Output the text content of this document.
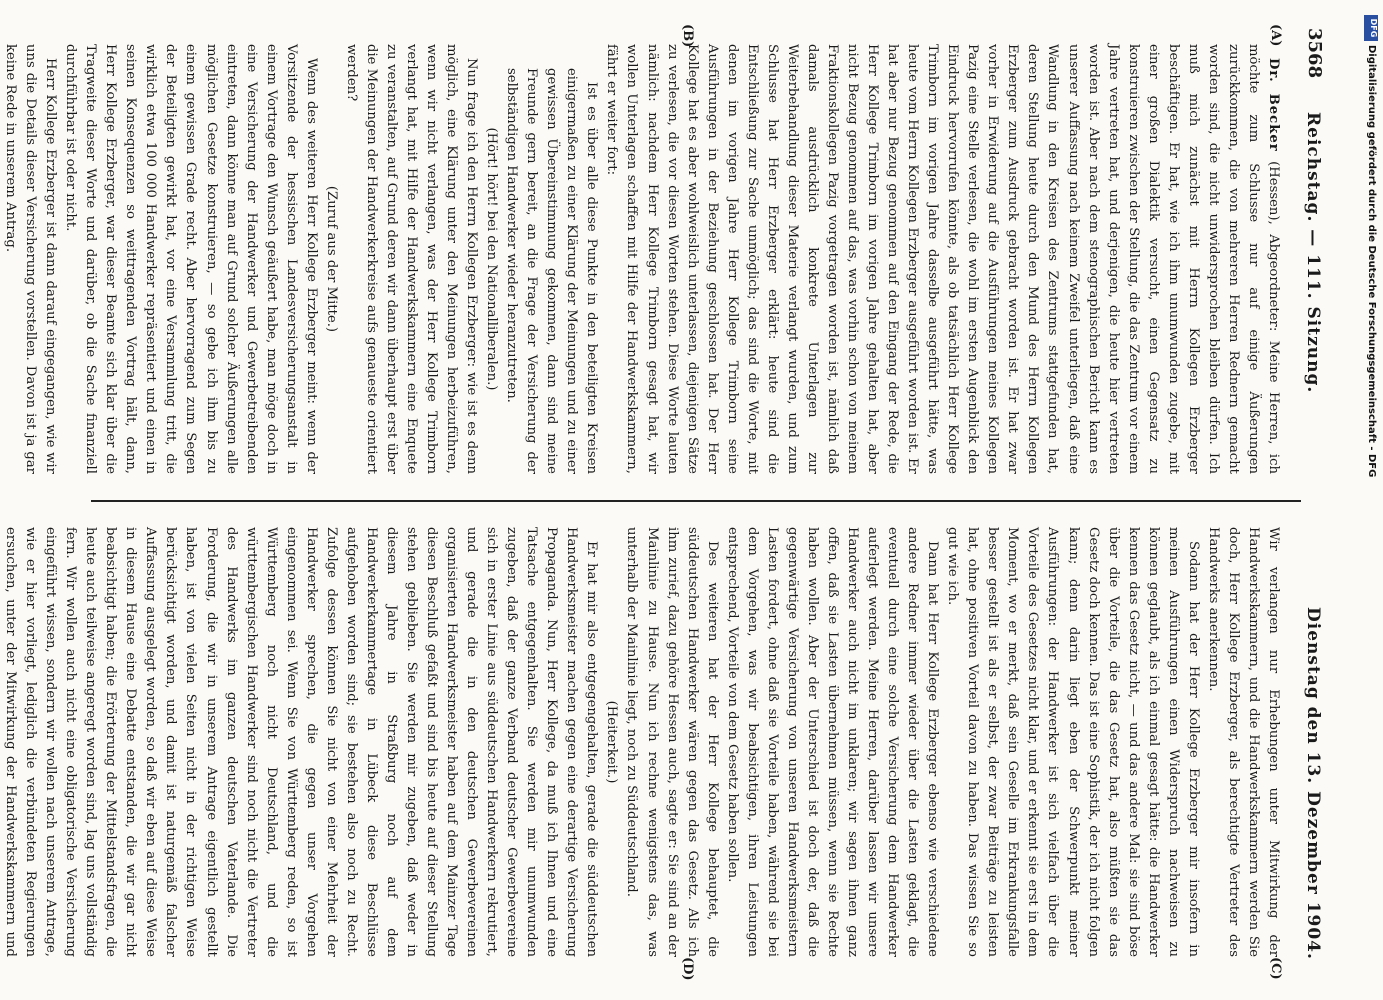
3568
Reichstag. — 111. Sitzung.
Dienstag den 13. Dezember 1904.
(A)
(B)
(C)
(D)

Dr. Becker (Hessen), Abgeordneter: Meine Herren, ich möchte zum Schlusse nur auf einige Äußerungen zurückkommen, die von mehreren Herren Rednern gemacht worden sind, die nicht unwidersprochen bleiben dürfen. Ich muß mich zunächst mit Herrn Kollegen Erzberger beschäftigen. Er hat, wie ich ihm unumwunden zugebe, mit einer großen Dialektik versucht, einen Gegensatz zu konstruieren zwischen der Stellung, die das Zentrum vor einem Jahre vertreten hat, und derjenigen, die heute hier vertreten worden ist. Aber nach dem stenographischen Bericht kann es unserer Auffassung nach keinem Zweifel unterliegen, daß eine Wandlung in den Kreisen des Zentrums stattgefunden hat, deren Stellung heute durch den Mund des Herrn Kollegen Erzberger zum Ausdruck gebracht worden ist. Er hat zwar vorher in Erwiderung auf die Ausführungen meines Kollegen Pazig eine Stelle verlesen, die wohl im ersten Augenblick den Eindruck hervorrufen könnte, als ob tatsächlich Herr Kollege Trimborn im vorigen Jahre dasselbe ausgeführt hätte, was heute vom Herrn Kollegen Erzberger ausgeführt worden ist. Er hat aber nur Bezug genommen auf den Eingang der Rede, die Herr Kollege Trimborn im vorigen Jahre gehalten hat, aber nicht Bezug genommen auf das, was vorhin schon von meinem Fraktionskollegen Pazig vorgetragen worden ist, nämlich daß damals ausdrücklich konkrete Unterlagen zur Weiterbehandlung dieser Materie verlangt wurden, und zum Schlusse hat Herr Erzberger erklärt: heute sind die Entschließung zur Sache unmöglich; das sind die Worte, mit denen im vorigen Jahre Herr Kollege Trimborn seine Ausführungen in der Beziehung geschlossen hat. Der Herr Kollege hat es aber wohlweislich unterlassen, diejenigen Sätze zu verlesen, die vor diesen Worten stehen. Diese Worte lauten nämlich: nachdem Herr Kollege Trimborn gesagt hat, wir wollen Unterlagen schaffen mit Hilfe der Handwerkskammern, fährt er weiter fort:

Ist es über alle diese Punkte in den beteiligten Kreisen einigermaßen zu einer Klärung der Meinungen und zu einer gewissen Übereinstimmung gekommen, dann sind meine Freunde gern bereit, an die Frage der Versicherung der selbständigen Handwerker wieder heranzutreten.

(Hört! hört! bei den Nationalliberalen.)

Nun frage ich den Herrn Kollegen Erzberger: wie ist es denn möglich, eine Klärung unter den Meinungen herbeizuführen, wenn wir nicht verlangen, was der Herr Kollege Trimborn verlangt hat, mit Hilfe der Handwerkskammern eine Enquete zu veranstalten, auf Grund deren wir dann überhaupt erst über die Meinungen der Handwerkerkreise aufs genaueste orientiert werden?

(Zuruf aus der Mitte.)

Wenn des weiteren Herr Kollege Erzberger meint: wenn der Vorsitzende der hessischen Landesversicherungsanstalt in einem Vortrage den Wunsch geäußert habe, man möge doch in eine Versicherung der Handwerker und Gewerbetreibenden eintreten, dann könne man auf Grund solcher Äußerungen alle möglichen Gesetze konstruieren, — so gebe ich ihm bis zu einem gewissen Grade recht. Aber hervorragend zum Segen der Beteiligten gewirkt hat, vor eine Versammlung tritt, die wirklich etwa 100 000 Handwerker repräsentiert und einen in seinen Konsequenzen so weittragenden Vortrag hält, dann, Herr Kollege Erzberger, war dieser Beamte sich klar über die Tragweite dieser Worte und darüber, ob die Sache finanziell durchführbar ist oder nicht.

Herr Kollege Erzberger ist dann darauf eingegangen, wie wir uns die Details dieser Versicherung vorstellen. Davon ist ja gar keine Rede in unserem Antrag.

Wir verlangen nur Erhebungen unter Mitwirkung der Handwerkskammern, und die Handwerkskammern werden Sie doch, Herr Kollege Erzberger, als berechtigte Vertreter des Handwerks anerkennen.

Sodann hat der Herr Kollege Erzberger mir insofern in meinen Ausführungen einen Widerspruch nachweisen zu können geglaubt, als ich einmal gesagt hätte: die Handwerker kennen das Gesetz nicht, — und das andere Mal: sie sind böse über die Vorteile, die das Gesetz hat, also müßten sie das Gesetz doch kennen. Das ist eine Sophistik, der ich nicht folgen kann; denn darin liegt eben der Schwerpunkt meiner Ausführungen: der Handwerker ist sich vielfach über die Vorteile des Gesetzes nicht klar, und er erkennt sie erst in dem Moment, wo er merkt, daß sein Geselle im Erkrankungsfalle besser gestellt ist als er selbst, der zwar Beiträge zu leisten hat, ohne positiven Vorteil davon zu haben. Das wissen Sie so gut wie ich.

Dann hat Herr Kollege Erzberger ebenso wie verschiedene andere Redner immer wieder über die Lasten geklagt, die eventuell durch eine solche Versicherung dem Handwerker auferlegt werden. Meine Herren, darüber lassen wir unsere Handwerker auch nicht im unklaren; wir sagen ihnen ganz offen, daß sie Lasten übernehmen müssen, wenn sie Rechte haben wollen. Aber der Unterschied ist doch der, daß die gegenwärtige Versicherung von unseren Handwerksmeistern Lasten fordert, ohne daß sie Vorteile haben, während sie bei dem Vorgehen, was wir beabsichtigen, ihren Leistungen entsprechend, Vorteile von dem Gesetz haben sollen.

Des weiteren hat der Herr Kollege behauptet, die süddeutschen Handwerker wären gegen das Gesetz. Als ich ihm zurief, dazu gehöre Hessen auch, sagte er: Sie sind an der Mainlinie zu Hause. Nun ich rechne wenigstens das, was unterhalb der Mainlinie liegt, noch zu Süddeutschland.

(Heiterkeit.)

Er hat mir also entgegengehalten, gerade die süddeutschen Handwerksmeister machen gegen eine derartige Versicherung Propaganda. Nun, Herr Kollege, da muß ich Ihnen und eine Tatsache entgegenhalten. Sie werden mir unumwunden zugeben, daß der ganze Verband deutscher Gewerbevereine sich in erster Linie aus süddeutschen Handwerkern rekrutiert, und gerade die in den deutschen Gewerbevereinen organisierten Handwerksmeister haben auf dem Mainzer Tage diesen Beschluß gefaßt und sind bis heute auf dieser Stellung stehen geblieben. Sie werden mir zugeben, daß weder in diesem Jahre in Straßburg noch auf dem Handwerkerkammertage in Lübeck diese Beschlüsse aufgehoben worden sind; sie bestehen also noch zu Recht. Zufolge dessen können Sie nicht von einer Mehrheit der Handwerker sprechen, die gegen unser Vorgehen eingenommen sei. Wenn Sie von Württemberg reden, so ist Württemberg noch nicht Deutschland, und die württembergischen Handwerker sind noch nicht die Vertreter des Handwerks im ganzen deutschen Vaterlande. Die Forderung, die wir in unserem Antrage eigentlich gestellt haben, ist von vielen Seiten nicht in der richtigen Weise berücksichtigt worden, und damit ist naturgemäß falscher Auffassung ausgelegt worden, so daß wir eben auf diese Weise in diesem Hause eine Debatte entstanden, die wir gar nicht beabsichtigt haben; die Erörterung der Mittelstandsfragen, die heute auch teilweise angeregt worden sind, lag uns vollständig fern. Wir wollen auch nicht eine obligatorische Versicherung eingeführt wissen, sondern wir wollen nach unserem Antrage, wie er hier vorliegt, lediglich die verbündeten Regierungen ersuchen, unter der Mitwirkung der Handwerkskammern und

DFG
Digitalisierung gefördert durch die Deutsche Forschungsgemeinschaft - DFG
